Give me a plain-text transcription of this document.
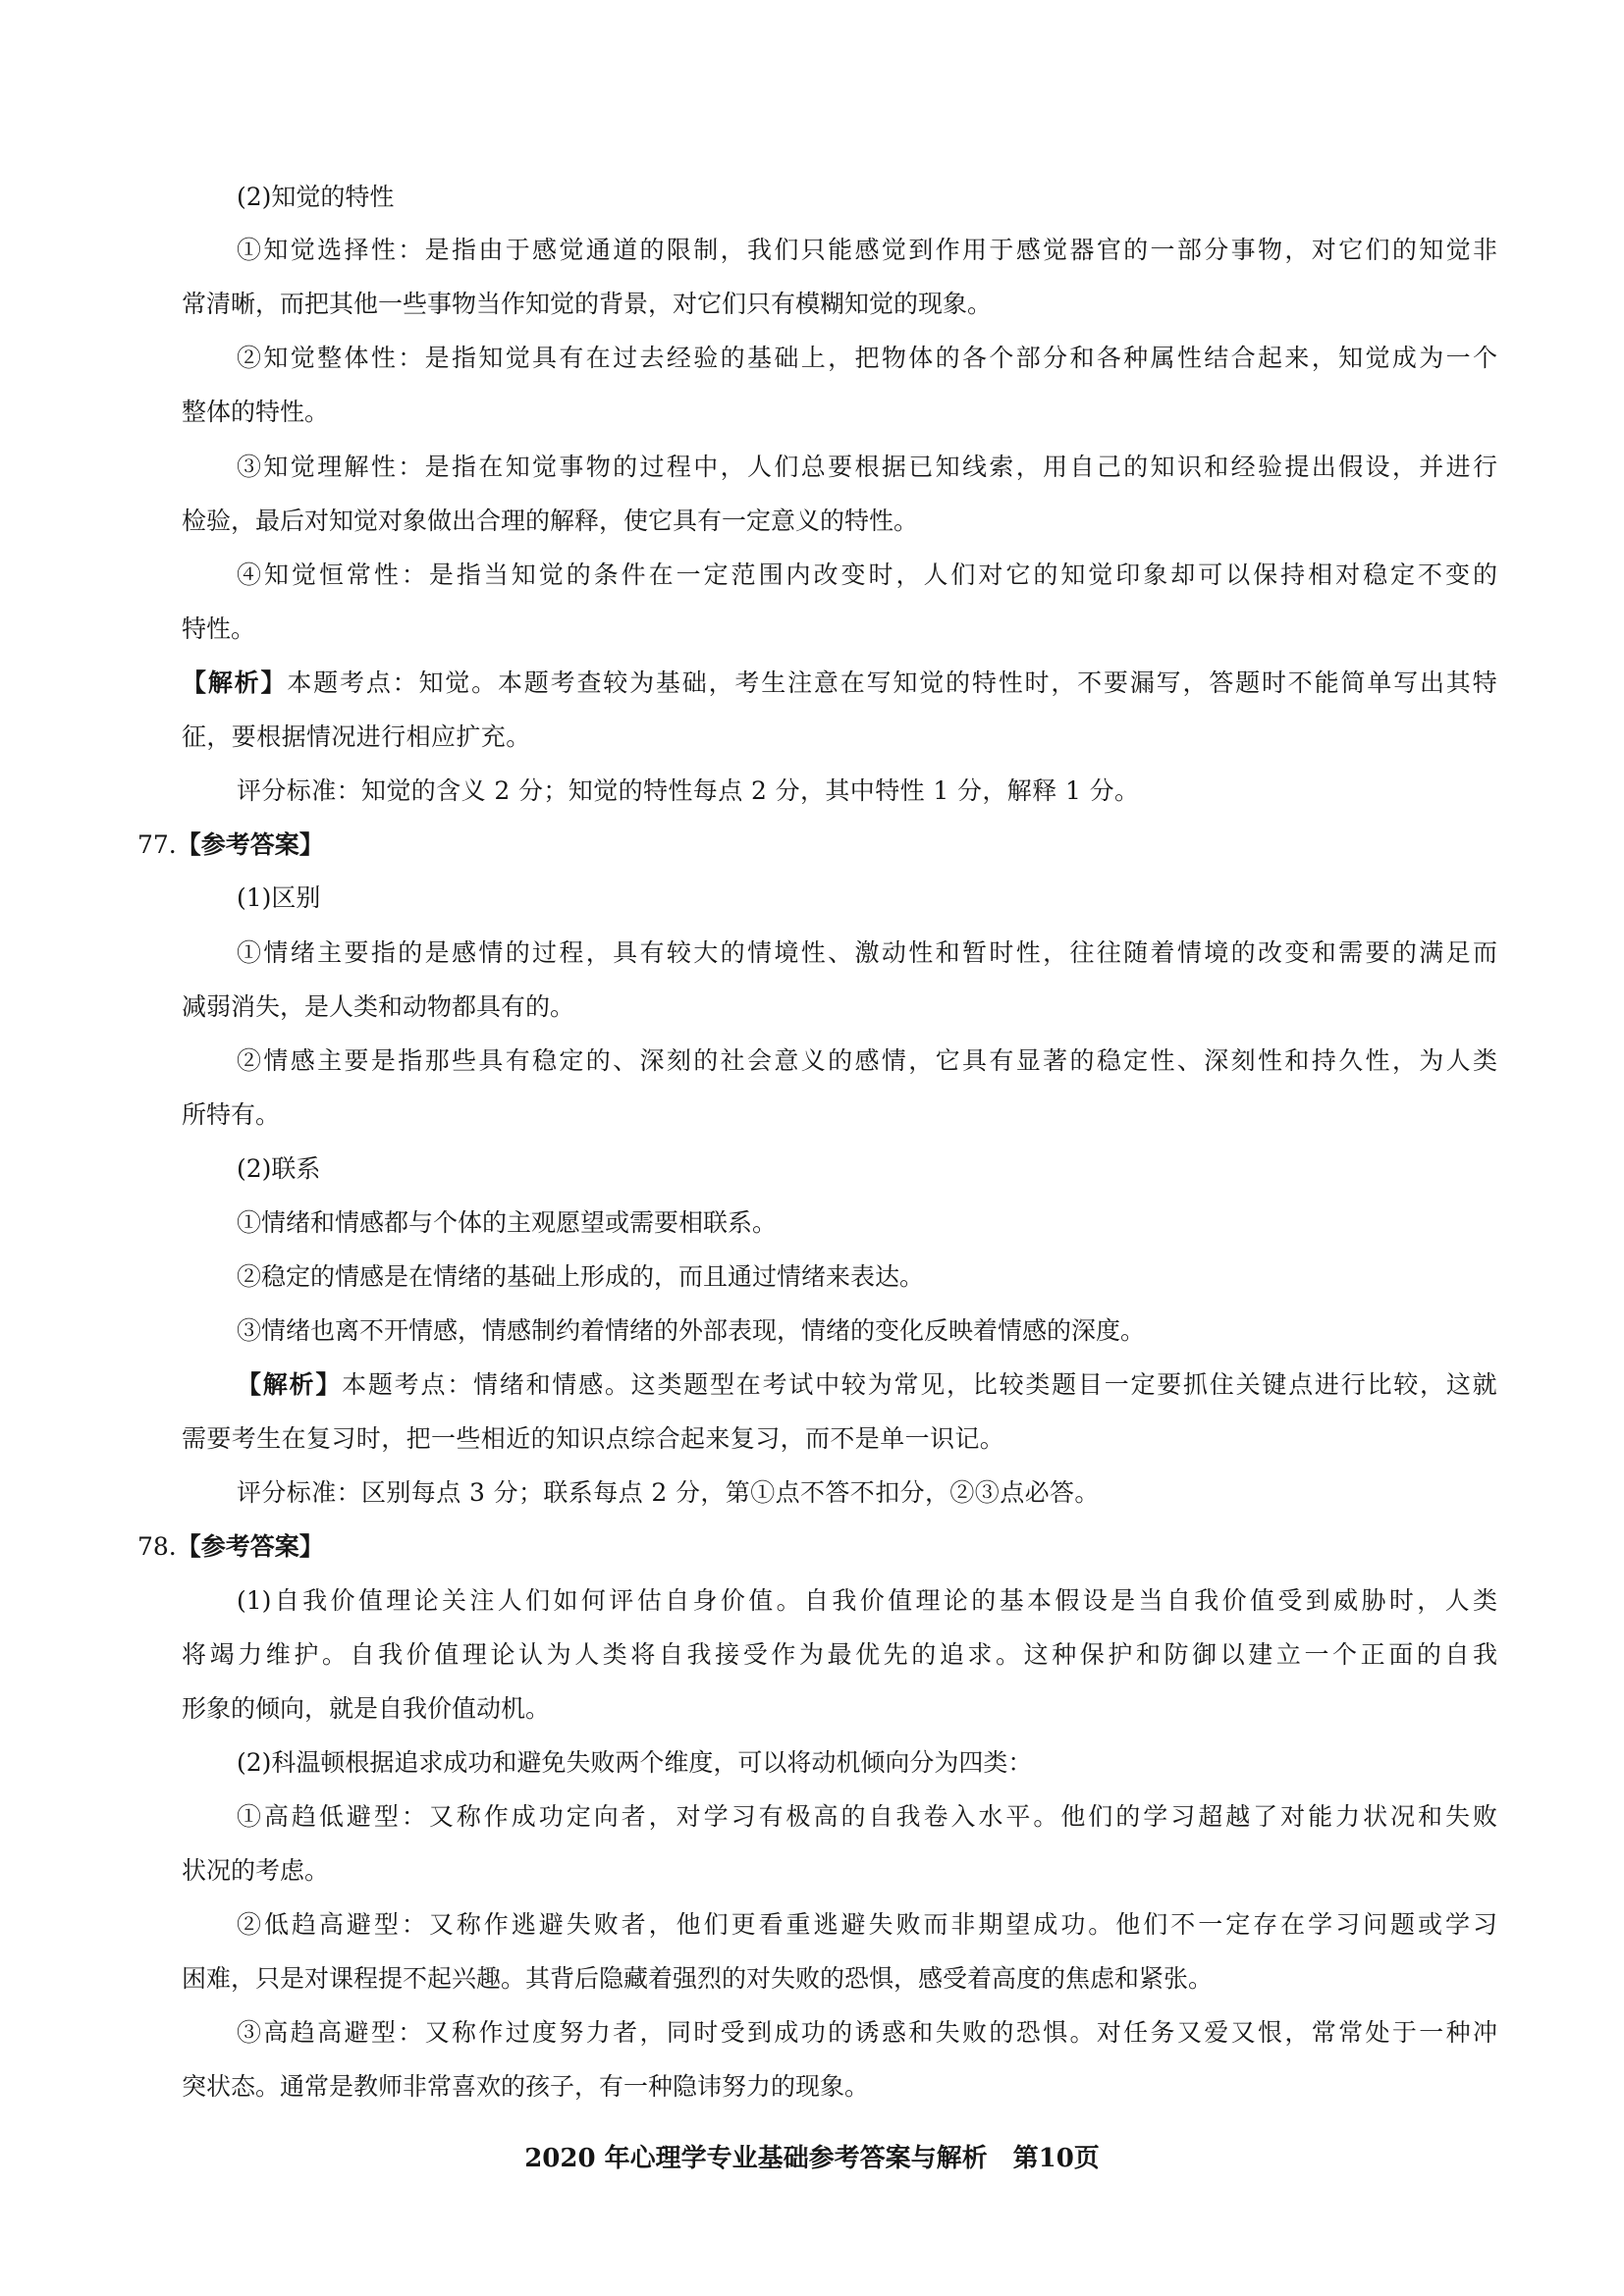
(2)知觉的特性
①知觉选择性：是指由于感觉通道的限制，我们只能感觉到作用于感觉器官的一部分事物，对它们的知觉非
常清晰，而把其他一些事物当作知觉的背景，对它们只有模糊知觉的现象。
②知觉整体性：是指知觉具有在过去经验的基础上，把物体的各个部分和各种属性结合起来，知觉成为一个
整体的特性。
③知觉理解性：是指在知觉事物的过程中，人们总要根据已知线索，用自己的知识和经验提出假设，并进行
检验，最后对知觉对象做出合理的解释，使它具有一定意义的特性。
④知觉恒常性：是指当知觉的条件在一定范围内改变时，人们对它的知觉印象却可以保持相对稳定不变的
特性。
【解析】本题考点：知觉。本题考查较为基础，考生注意在写知觉的特性时，不要漏写，答题时不能简单写出其特
征，要根据情况进行相应扩充。
评分标准：知觉的含义 2 分；知觉的特性每点 2 分，其中特性 1 分，解释 1 分。
77.【参考答案】
(1)区别
①情绪主要指的是感情的过程，具有较大的情境性、激动性和暂时性，往往随着情境的改变和需要的满足而
减弱消失，是人类和动物都具有的。
②情感主要是指那些具有稳定的、深刻的社会意义的感情，它具有显著的稳定性、深刻性和持久性，为人类
所特有。
(2)联系
①情绪和情感都与个体的主观愿望或需要相联系。
②稳定的情感是在情绪的基础上形成的，而且通过情绪来表达。
③情绪也离不开情感，情感制约着情绪的外部表现，情绪的变化反映着情感的深度。
【解析】本题考点：情绪和情感。这类题型在考试中较为常见，比较类题目一定要抓住关键点进行比较，这就
需要考生在复习时，把一些相近的知识点综合起来复习，而不是单一识记。
评分标准：区别每点 3 分；联系每点 2 分，第①点不答不扣分，②③点必答。
78.【参考答案】
(1)自我价值理论关注人们如何评估自身价值。自我价值理论的基本假设是当自我价值受到威胁时，人类
将竭力维护。自我价值理论认为人类将自我接受作为最优先的追求。这种保护和防御以建立一个正面的自我
形象的倾向，就是自我价值动机。
(2)科温顿根据追求成功和避免失败两个维度，可以将动机倾向分为四类：
①高趋低避型：又称作成功定向者，对学习有极高的自我卷入水平。他们的学习超越了对能力状况和失败
状况的考虑。
②低趋高避型：又称作逃避失败者，他们更看重逃避失败而非期望成功。他们不一定存在学习问题或学习
困难，只是对课程提不起兴趣。其背后隐藏着强烈的对失败的恐惧，感受着高度的焦虑和紧张。
③高趋高避型：又称作过度努力者，同时受到成功的诱惑和失败的恐惧。对任务又爱又恨，常常处于一种冲
突状态。通常是教师非常喜欢的孩子，有一种隐讳努力的现象。
2020 年心理学专业基础参考答案与解析　第10页
